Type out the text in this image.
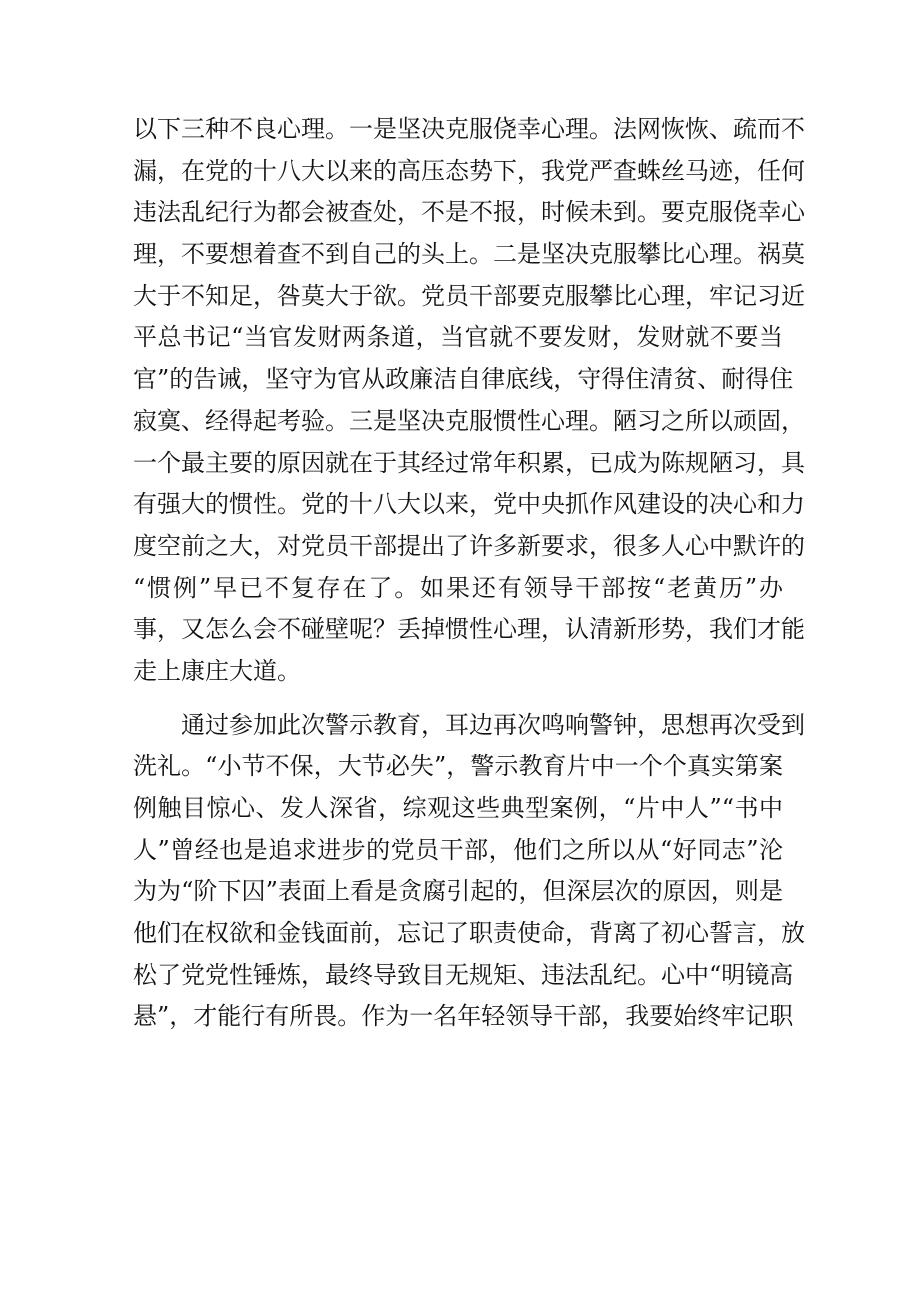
以下三种不良心理。一是坚决克服侥幸心理。法网恢恢、疏而不
漏，在党的十八大以来的高压态势下，我党严查蛛丝马迹，任何
违法乱纪行为都会被查处，不是不报，时候未到。要克服侥幸心
理，不要想着查不到自己的头上。二是坚决克服攀比心理。祸莫
大于不知足，咎莫大于欲。党员干部要克服攀比心理，牢记习近
平总书记“当官发财两条道，当官就不要发财，发财就不要当
官”的告诫，坚守为官从政廉洁自律底线，守得住清贫、耐得住
寂寞、经得起考验。三是坚决克服惯性心理。陋习之所以顽固，
一个最主要的原因就在于其经过常年积累，已成为陈规陋习，具
有强大的惯性。党的十八大以来，党中央抓作风建设的决心和力
度空前之大，对党员干部提出了许多新要求，很多人心中默许的
“惯例”早已不复存在了。如果还有领导干部按“老黄历”办
事，又怎么会不碰壁呢？丢掉惯性心理，认清新形势，我们才能
走上康庄大道。
通过参加此次警示教育，耳边再次鸣响警钟，思想再次受到
洗礼。“小节不保，大节必失”，警示教育片中一个个真实第案
例触目惊心、发人深省，综观这些典型案例，“片中人”“书中
人”曾经也是追求进步的党员干部，他们之所以从“好同志”沦
为为“阶下囚”表面上看是贪腐引起的，但深层次的原因，则是
他们在权欲和金钱面前，忘记了职责使命，背离了初心誓言，放
松了党党性锤炼，最终导致目无规矩、违法乱纪。心中“明镜高
悬”，才能行有所畏。作为一名年轻领导干部，我要始终牢记职
